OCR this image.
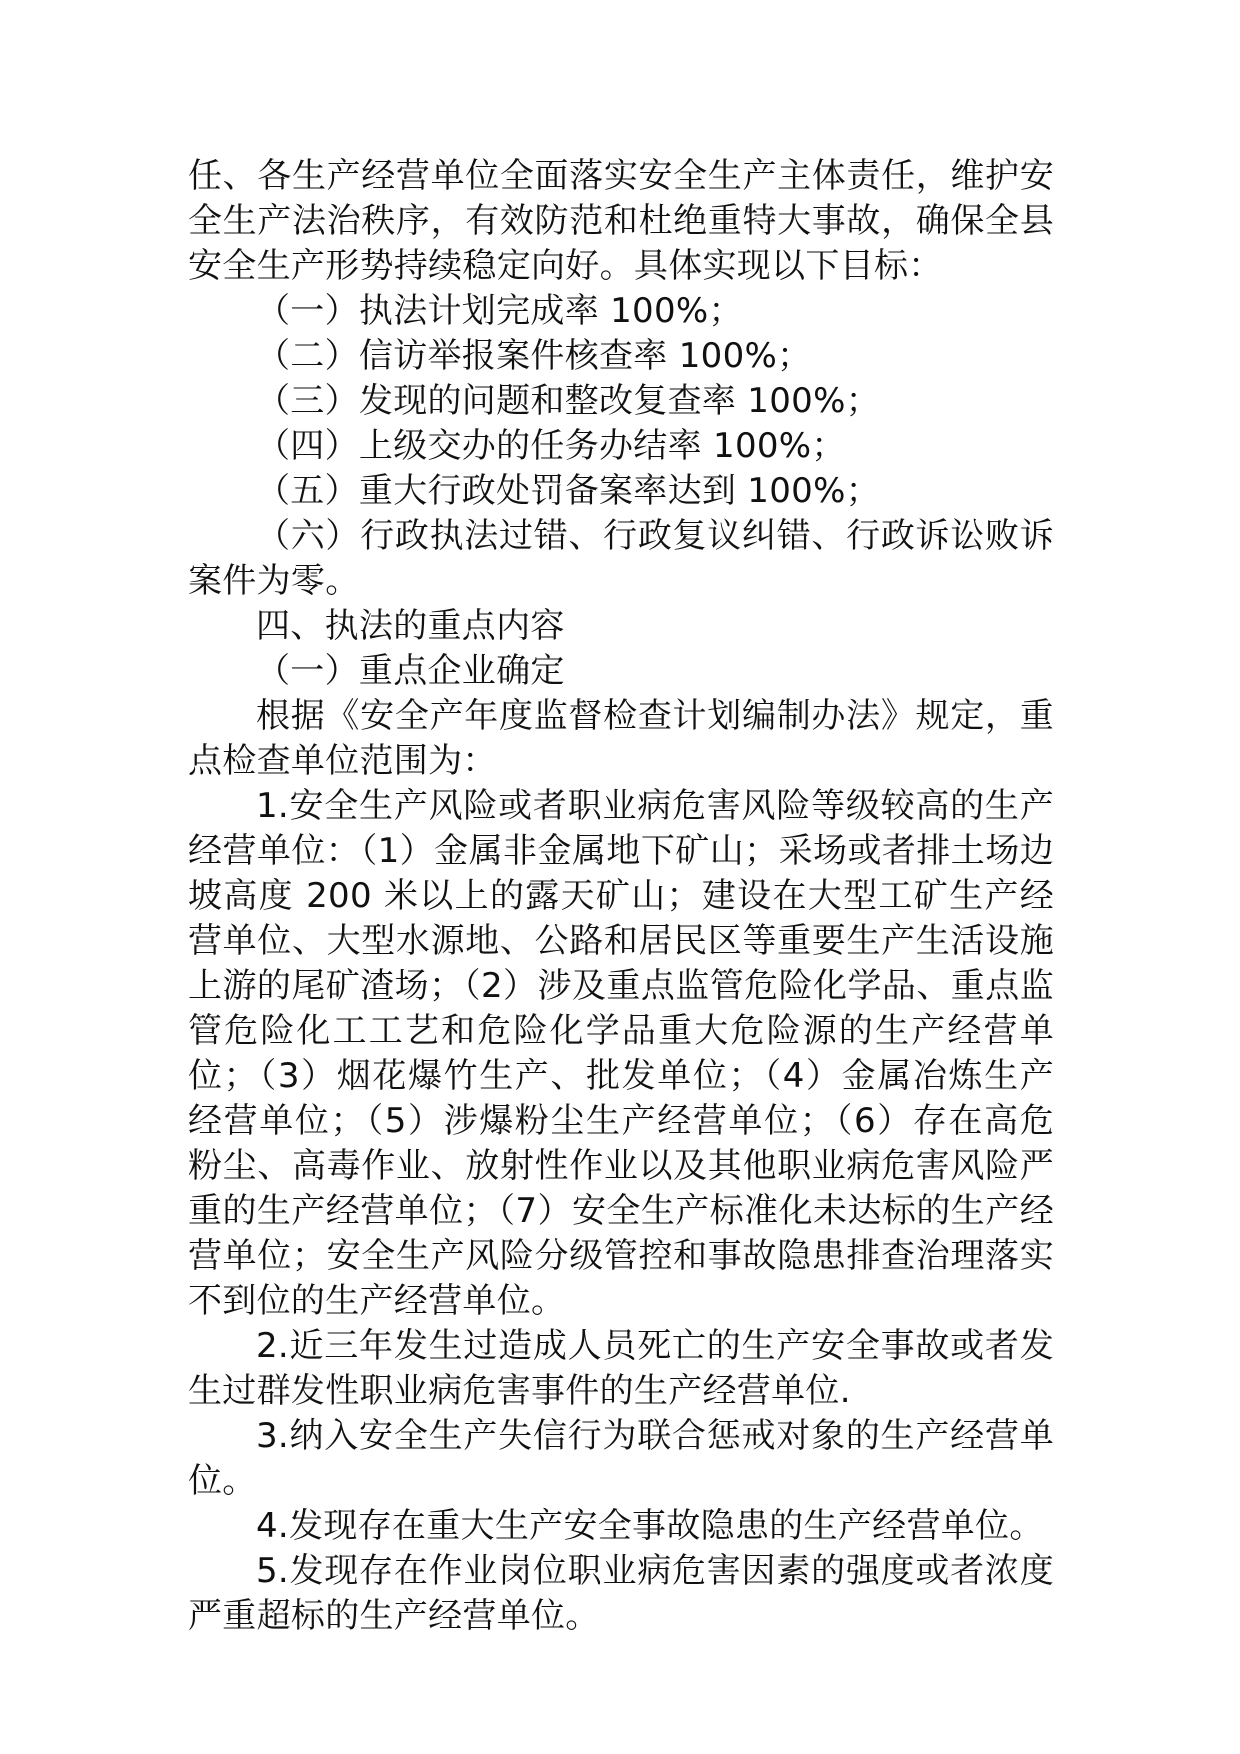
任、各生产经营单位全面落实安全生产主体责任，维护安全生产法治秩序，有效防范和杜绝重特大事故，确保全县安全生产形势持续稳定向好。具体实现以下目标：

（一）执法计划完成率 100%；

（二）信访举报案件核查率 100%；

（三）发现的问题和整改复查率 100%；

（四）上级交办的任务办结率 100%；

（五）重大行政处罚备案率达到 100%；

（六）行政执法过错、行政复议纠错、行政诉讼败诉案件为零。

四、执法的重点内容

（一）重点企业确定

根据《安全产年度监督检查计划编制办法》规定，重点检查单位范围为：

1.安全生产风险或者职业病危害风险等级较高的生产经营单位：（1）金属非金属地下矿山；采场或者排土场边坡高度 200 米以上的露天矿山；建设在大型工矿生产经营单位、大型水源地、公路和居民区等重要生产生活设施上游的尾矿渣场；（2）涉及重点监管危险化学品、重点监管危险化工工艺和危险化学品重大危险源的生产经营单位；（3）烟花爆竹生产、批发单位；（4）金属冶炼生产经营单位；（5）涉爆粉尘生产经营单位；（6）存在高危粉尘、高毒作业、放射性作业以及其他职业病危害风险严重的生产经营单位；（7）安全生产标准化未达标的生产经营单位；安全生产风险分级管控和事故隐患排查治理落实不到位的生产经营单位。

2.近三年发生过造成人员死亡的生产安全事故或者发生过群发性职业病危害事件的生产经营单位.

3.纳入安全生产失信行为联合惩戒对象的生产经营单位。

4.发现存在重大生产安全事故隐患的生产经营单位。

5.发现存在作业岗位职业病危害因素的强度或者浓度严重超标的生产经营单位。
